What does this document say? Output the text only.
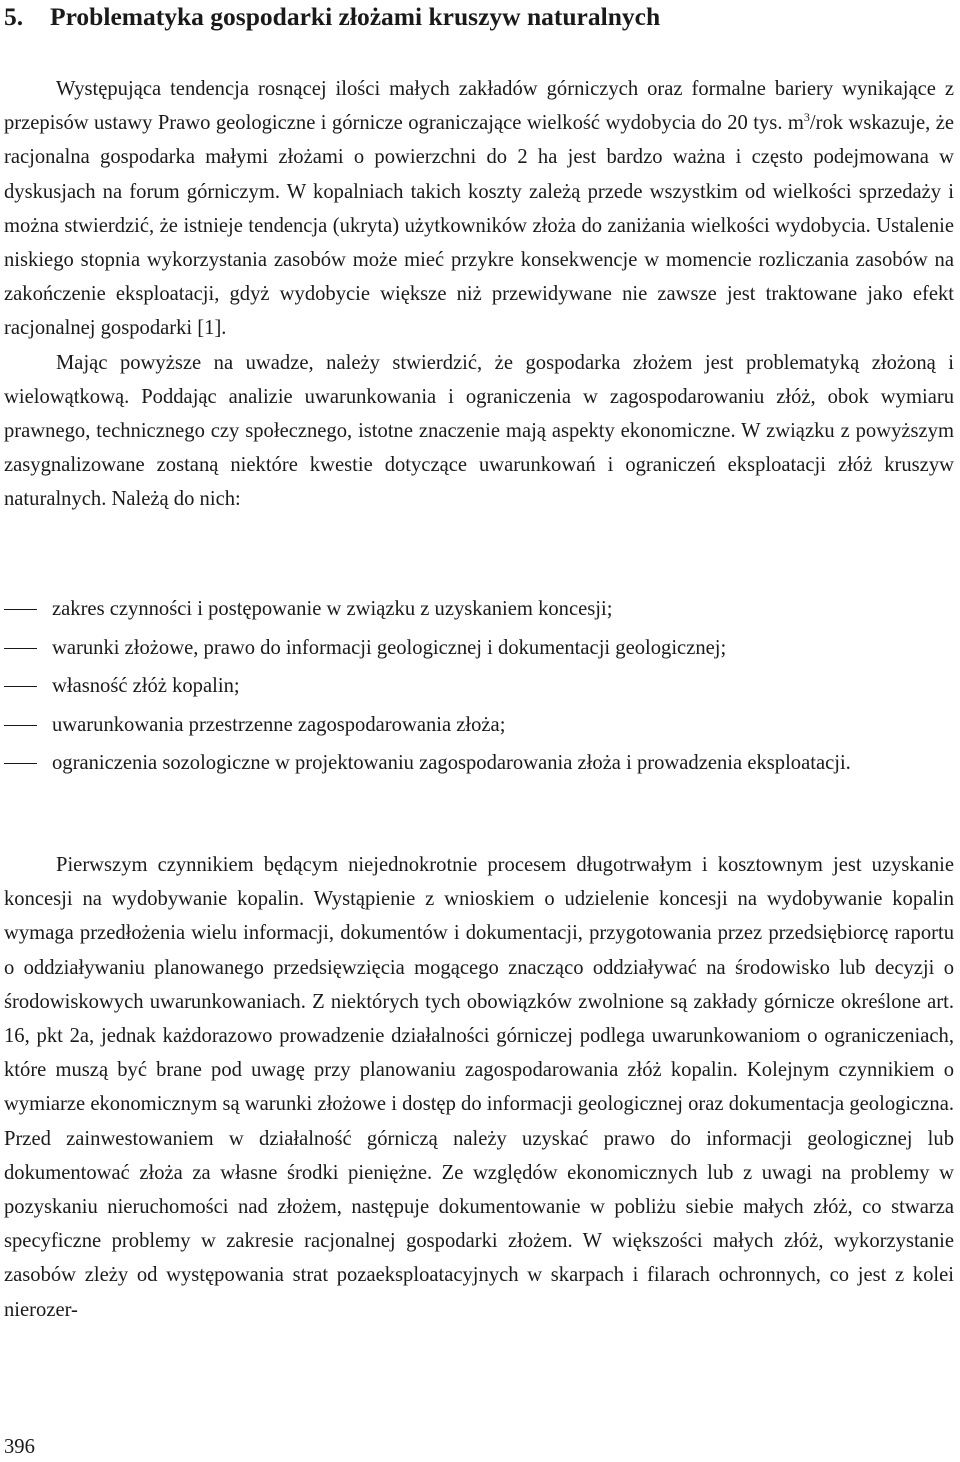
5. Problematyka gospodarki złożami kruszyw naturalnych

Występująca tendencja rosnącej ilości małych zakładów górniczych oraz formalne bariery wynikające z przepisów ustawy Prawo geologiczne i górnicze ograniczające wielkość wydobycia do 20 tys. $m^3$/rok wskazuje, że racjonalna gospodarka małymi złożami o powierzchni do 2 ha jest bardzo ważna i często podejmowana w dyskusjach na forum górniczym. W kopalniach takich koszty zależą przede wszystkim od wielkości sprzedaży i można stwierdzić, że istnieje tendencja (ukryta) użytkowników złoża do zaniżania wielkości wydobycia. Ustalenie niskiego stopnia wykorzystania zasobów może mieć przykre konsekwencje w momencie rozliczania zasobów na zakończenie eksploatacji, gdyż wydobycie większe niż przewidywane nie zawsze jest traktowane jako efekt racjonalnej gospodarki [1].

Mając powyższe na uwadze, należy stwierdzić, że gospodarka złożem jest problematyką złożoną i wielowątkową. Poddając analizie uwarunkowania i ograniczenia w zagospodarowaniu złóż, obok wymiaru prawnego, technicznego czy społecznego, istotne znaczenie mają aspekty ekonomiczne. W związku z powyższym zasygnalizowane zostaną niektóre kwestie dotyczące uwarunkowań i ograniczeń eksploatacji złóż kruszyw naturalnych. Należą do nich:

zakres czynności i postępowanie w związku z uzyskaniem koncesji;
warunki złożowe, prawo do informacji geologicznej i dokumentacji geologicznej;
własność złóż kopalin;
uwarunkowania przestrzenne zagospodarowania złoża;
ograniczenia sozologiczne w projektowaniu zagospodarowania złoża i prowadzenia eksploatacji.

Pierwszym czynnikiem będącym niejednokrotnie procesem długotrwałym i kosztownym jest uzyskanie koncesji na wydobywanie kopalin. Wystąpienie z wnioskiem o udzielenie koncesji na wydobywanie kopalin wymaga przedłożenia wielu informacji, dokumentów i dokumentacji, przygotowania przez przedsiębiorcę raportu o oddziaływaniu planowanego przedsięwzięcia mogącego znacząco oddziaływać na środowisko lub decyzji o środowiskowych uwarunkowaniach. Z niektórych tych obowiązków zwolnione są zakłady górnicze określone art. 16, pkt 2a, jednak każdorazowo prowadzenie działalności górniczej podlega uwarunkowaniom o ograniczeniach, które muszą być brane pod uwagę przy planowaniu zagospodarowania złóż kopalin. Kolejnym czynnikiem o wymiarze ekonomicznym są warunki złożowe i dostęp do informacji geologicznej oraz dokumentacja geologiczna. Przed zainwestowaniem w działalność górniczą należy uzyskać prawo do informacji geologicznej lub dokumentować złoża za własne środki pieniężne. Ze względów ekonomicznych lub z uwagi na problemy w pozyskaniu nieruchomości nad złożem, następuje dokumentowanie w pobliżu siebie małych złóż, co stwarza specyficzne problemy w zakresie racjonalnej gospodarki złożem. W większości małych złóż, wykorzystanie zasobów zleży od występowania strat pozaeksploatacyjnych w skarpach i filarach ochronnych, co jest z kolei nierozer-

396
